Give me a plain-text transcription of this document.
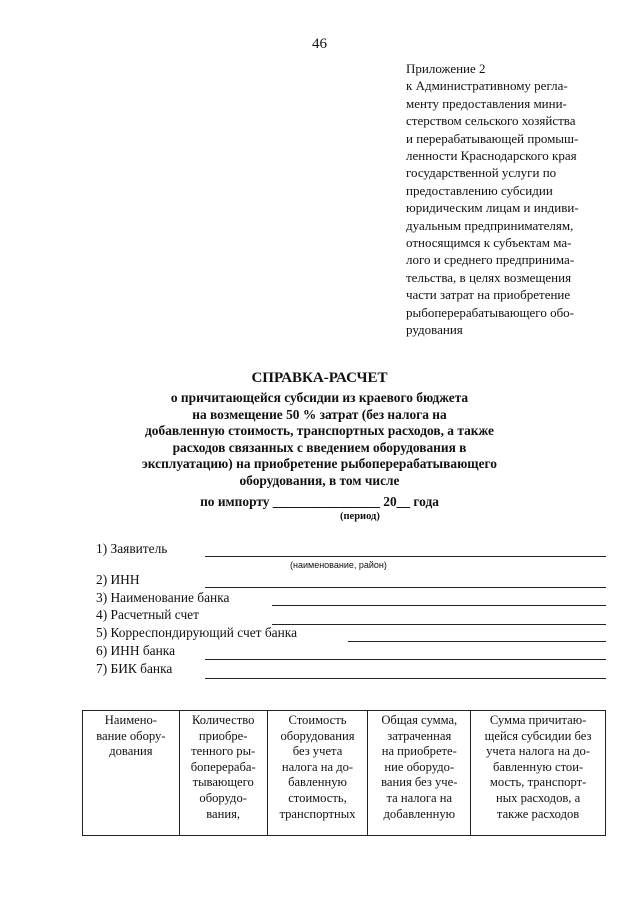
46
Приложение 2
к Административному регла-
менту предоставления мини-
стерством сельского хозяйства
и перерабатывающей промыш-
ленности Краснодарского края
государственной услуги по
предоставлению субсидии
юридическим лицам и индиви-
дуальным предпринимателям,
относящимся к субъектам ма-
лого и среднего предпринима-
тельства, в целях возмещения
части затрат на приобретение
рыбоперерабатывающего обо-
рудования
СПРАВКА-РАСЧЕТ
о причитающейся субсидии из краевого бюджета
на возмещение 50 % затрат (без налога на
добавленную стоимость, транспортных расходов, а также
расходов связанных с введением оборудования в
эксплуатацию) на приобретение рыбоперерабатывающего
оборудования, в том числе
по импорту ________________ 20__ года
(период)
1) Заявитель
(наименование, район)
2) ИНН
3) Наименование банка
4) Расчетный счет
5) Корреспондирующий счет банка
6) ИНН банка
7) БИК банка
Наимено-
вание обору-
дования

Количество
приобре-
тенного ры-
боперераба-
тывающего
оборудо-
вания,

Стоимость
оборудования
без учета
налога на до-
бавленную
стоимость,
транспортных

Общая сумма,
затраченная
на приобрете-
ние оборудо-
вания без уче-
та налога на
добавленную

Сумма причитаю-
щейся субсидии без
учета налога на до-
бавленную стои-
мость, транспорт-
ных расходов, а
также расходов
